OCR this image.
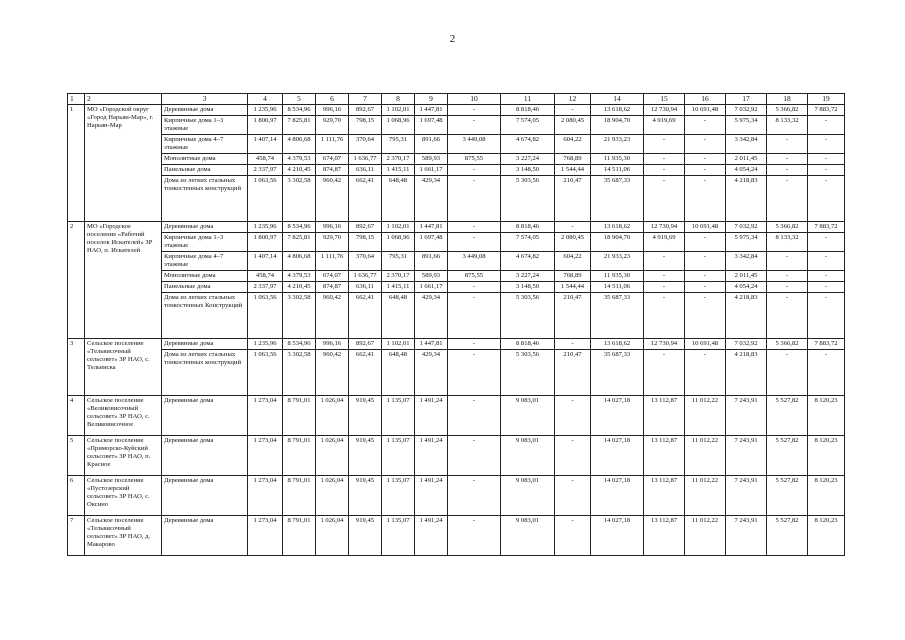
2
1	2	3	4	5	6	7	8	9	10	11	12	14	15	16	17	18	19
1	МО «Городской округ «Город Нарьян-Мар», г. Нарьян-Мар	Деревянные дома	1 235,96	8 534,96	996,16	892,67	1 102,01	1 447,81	-	8 818,46	-	13 618,62	12 730,94	10 691,48	7 032,92	5 366,82	7 883,72
		Кирпичные дома 1–3 этажные	1 800,97	7 825,81	929,70	798,15	1 068,96	1 697,48	-	7 574,05	2 080,45	18 904,70	4 919,69	-	5 975,34	8 133,32	-
		Кирпичные дома 4–7 этажные	1 407,14	4 806,68	1 111,76	370,64	795,31	891,66	3 449,08	4 674,82	604,22	21 933,23	-	-	3 342,84	-	-
		Монолитные дома	458,74	4 379,53	674,07	1 636,77	2 370,17	589,93	875,55	3 227,24	768,89	11 935,30	-	-	2 011,45	-	-
		Панельные дома	2 337,97	4 210,45	874,87	636,11	1 415,11	1 661,17	-	3 148,50	1 544,44	14 511,06	-	-	4 054,24	-	-
		Дома из легких стальных тонкостенных конструкций	1 063,56	3 302,58	960,42	662,41	648,48	429,34	-	5 303,56	210,47	35 687,33	-	-	4 218,83	-	-
2	МО «Городское поселение «Рабочий поселок Искателей» ЗР НАО, п. Искателей	Деревянные дома	1 235,96	8 534,96	996,16	892,67	1 102,01	1 447,81	-	8 818,46	-	13 618,62	12 730,94	10 691,48	7 032,92	5 366,82	7 883,72
		Кирпичные дома 1–3 этажные	1 800,97	7 825,81	929,70	798,15	1 068,96	1 697,48	-	7 574,05	2 080,45	18 904,70	4 919,69	-	5 975,34	8 133,32	-
		Кирпичные дома 4–7 этажные	1 407,14	4 806,68	1 111,76	370,64	795,31	891,66	3 449,08	4 674,82	604,22	21 933,23	-	-	3 342,84	-	-
		Монолитные дома	458,74	4 379,53	674,07	1 636,77	2 370,17	589,93	875,55	3 227,24	768,89	11 935,30	-	-	2 011,45	-	-
		Панельные дома	2 337,97	4 210,45	874,87	636,11	1 415,11	1 661,17	-	3 148,50	1 544,44	14 511,06	-	-	4 054,24	-	-
		Дома из легких стальных тонкостенных Конструкций	1 063,56	3 302,58	960,42	662,41	648,48	429,34	-	5 303,56	210,47	35 687,33	-	-	4 218,83	-	-
3	Сельское поселение «Тельвисочный сельсовет» ЗР НАО, с. Тельвиска	Деревянные дома	1 235,96	8 534,96	996,16	892,67	1 102,01	1 447,81	-	8 818,46	-	13 618,62	12 730,94	10 691,48	7 032,92	5 366,82	7 883,72
		Дома из легких стальных тонкостенных конструкций	1 063,56	3 302,58	960,42	662,41	648,48	429,34	-	5 303,56	210,47	35 687,33	-	-	4 218,83	-	-
4	Сельское поселение «Великовисочный сельсовет» ЗР НАО, с. Великовисочное	Деревянные дома	1 273,04	8 791,01	1 026,04	919,45	1 135,07	1 491,24	-	9 083,01	-	14 027,18	13 112,87	11 012,22	7 243,91	5 527,82	8 120,23
5	Сельское поселение «Приморско-Куйский сельсовет» ЗР НАО, п. Красное	Деревянные дома	1 273,04	8 791,01	1 026,04	919,45	1 135,07	1 491,24	-	9 083,01	-	14 027,18	13 112,87	11 012,22	7 243,91	5 527,82	8 120,23
6	Сельское поселение «Пустозерский сельсовет» ЗР НАО, с. Оксино	Деревянные дома	1 273,04	8 791,01	1 026,04	919,45	1 135,07	1 491,24	-	9 083,01	-	14 027,18	13 112,87	11 012,22	7 243,91	5 527,82	8 120,23
7	Сельское поселение «Тельвисочный сельсовет» ЗР НАО, д. Макарово	Деревянные дома	1 273,04	8 791,01	1 026,04	919,45	1 135,07	1 491,24	-	9 083,01	-	14 027,18	13 112,87	11 012,22	7 243,91	5 527,82	8 120,23
